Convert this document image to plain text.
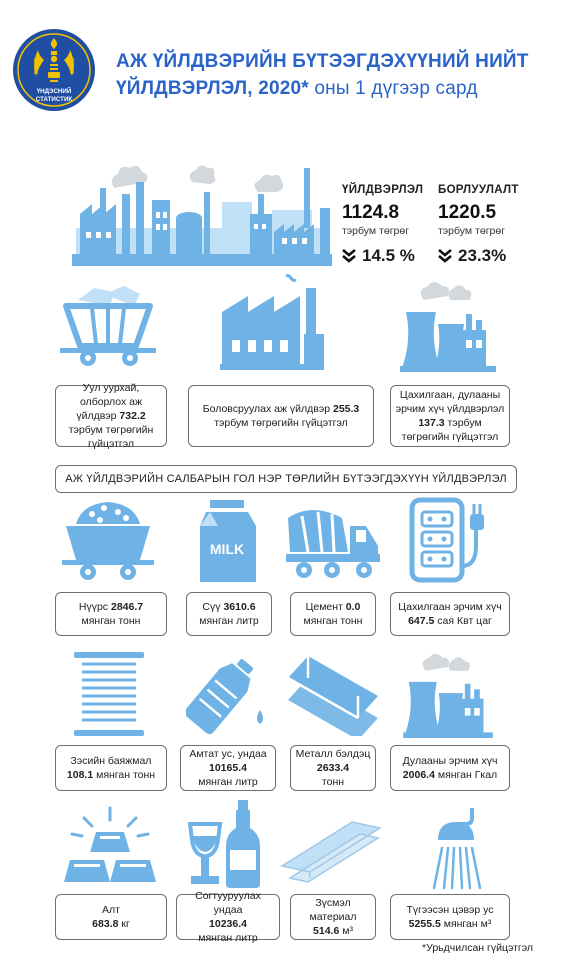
ҮНДЭСНИЙ
СТАТИСТИК
АЖ ҮЙЛДВЭРИЙН БҮТЭЭГДЭХҮҮНИЙ НИЙТ
ҮЙЛДВЭРЛЭЛ, 2020* оны 1 дүгээр сард
ҮЙЛДВЭРЛЭЛ
1124.8
тэрбум төгрөг
14.5 %
БОРЛУУЛАЛТ
1220.5
тэрбум төгрөг
23.3%
Уул уурхай, олборлох аж үйлдвэр 732.2 тэрбум төгрөгийн гүйцэтгэл
Боловсруулах аж үйлдвэр 255.3 тэрбум төгрөгийн гүйцэтгэл
Цахилгаан, дулааны эрчим хүч үйлдвэрлэл 137.3 тэрбум төгрөгийн гүйцэтгэл
АЖ ҮЙЛДВЭРИЙН САЛБАРЫН ГОЛ НЭР ТӨРЛИЙН БҮТЭЭГДЭХҮҮН ҮЙЛДВЭРЛЭЛ
MILK
Нүүрс 2846.7
мянган тонн
Сүү 3610.6
мянган литр
Цемент 0.0
мянган тонн
Цахилгаан эрчим хүч
647.5 сая Квт цаг
Зэсийн баяжмал
108.1 мянган тонн
Амтат ус, ундаа
10165.4
мянган литр
Металл бэлдэц
2633.4
тонн
Дулааны эрчим хүч
2006.4 мянган Гкал
Алт
683.8 кг
Согтууруулах ундаа
10236.4
мянган литр
Зүсмэл материал
514.6 м³
Түгээсэн цэвэр ус
5255.5 мянган м³
*Урьдчилсан гүйцэтгэл
